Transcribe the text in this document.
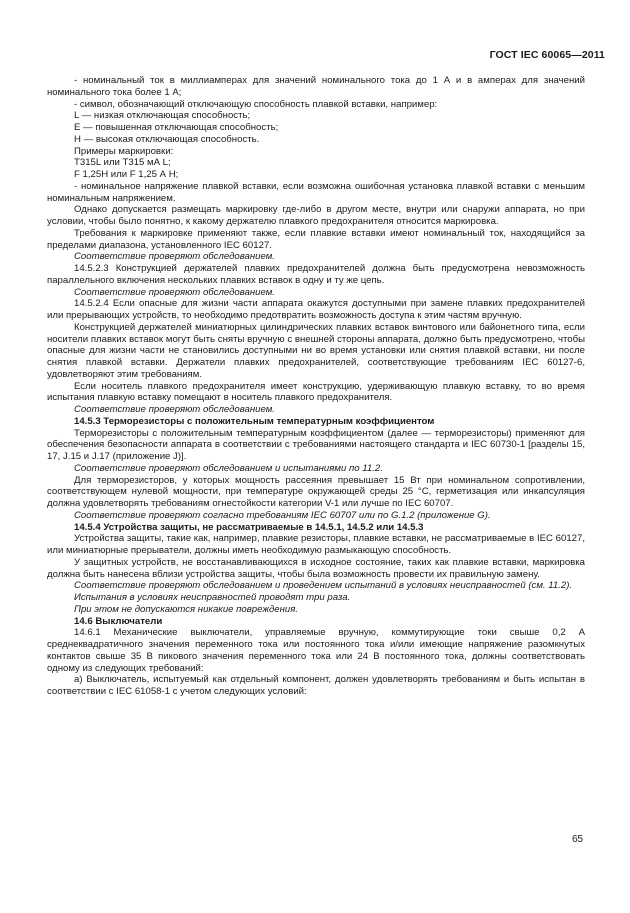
ГОСТ IEC 60065—2011

- номинальный ток в миллиамперах для значений номинального тока до 1 А и в амперах для значений номинального тока более 1 А;

- символ, обозначающий отключающую способность плавкой вставки, например:

L — низкая отключающая способность;

Е — повышенная отключающая способность;

Н — высокая отключающая способность.

Примеры маркировки:

T315L или T315 мА L;

F 1,25Н или F 1,25 А Н;

- номинальное напряжение плавкой вставки, если возможна ошибочная установка плавкой вставки с меньшим номинальным напряжением.

Однако допускается размещать маркировку где-либо в другом месте, внутри или снаружи аппарата, но при условии, чтобы было понятно, к какому держателю плавкого предохранителя относится маркировка.

Требования к маркировке применяют также, если плавкие вставки имеют номинальный ток, находящийся за пределами диапазона, установленного IEC 60127.

Соответствие проверяют обследованием.

14.5.2.3 Конструкцией держателей плавких предохранителей должна быть предусмотрена невозможность параллельного включения нескольких плавких вставок в одну и ту же цепь.

Соответствие проверяют обследованием.

14.5.2.4 Если опасные для жизни части аппарата окажутся доступными при замене плавких предохранителей или прерывающих устройств, то необходимо предотвратить возможность доступа к этим частям вручную.

Конструкцией держателей миниатюрных цилиндрических плавких вставок винтового или байонетного типа, если носители плавких вставок могут быть сняты вручную с внешней стороны аппарата, должно быть предусмотрено, чтобы опасные для жизни части не становились доступными ни во время установки или снятия плавкой вставки, ни после снятия плавкой вставки. Держатели плавких предохранителей, соответствующие требованиям IEC 60127-6, удовлетворяют этим требованиям.

Если носитель плавкого предохранителя имеет конструкцию, удерживающую плавкую вставку, то во время испытания плавкую вставку помещают в носитель плавкого предохранителя.

Соответствие проверяют обследованием.

14.5.3 Терморезисторы с положительным температурным коэффициентом

Терморезисторы с положительным температурным коэффициентом (далее — терморезисторы) применяют для обеспечения безопасности аппарата в соответствии с требованиями настоящего стандарта и IEC 60730-1 [разделы 15, 17, J.15 и J.17 (приложение J)].

Соответствие проверяют обследованием и испытаниями по 11.2.

Для терморезисторов, у которых мощность рассеяния превышает 15 Вт при номинальном сопротивлении, соответствующем нулевой мощности, при температуре окружающей среды 25 °С, герметизация или инкапсуляция должна удовлетворять требованиям огнестойкости категории V-1 или лучше по IEC 60707.

Соответствие проверяют согласно требованиям IEC 60707 или по G.1.2 (приложение G).

14.5.4 Устройства защиты, не рассматриваемые в 14.5.1, 14.5.2 или 14.5.3

Устройства защиты, такие как, например, плавкие резисторы, плавкие вставки, не рассматриваемые в IEC 60127, или миниатюрные прерыватели, должны иметь необходимую размыкающую способность.

У защитных устройств, не восстанавливающихся в исходное состояние, таких как плавкие вставки, маркировка должна быть нанесена вблизи устройства защиты, чтобы была возможность провести их правильную замену.

Соответствие проверяют обследованием и проведением испытаний в условиях неисправностей (см. 11.2).

Испытания в условиях неисправностей проводят три раза.

При этом не допускаются никакие повреждения.

14.6 Выключатели

14.6.1 Механические выключатели, управляемые вручную, коммутирующие токи свыше 0,2 А среднеквадратичного значения переменного тока или постоянного тока и/или имеющие напряжение разомкнутых контактов свыше 35 В пикового значения переменного тока или 24 В постоянного тока, должны соответствовать одному из следующих требований:

а) Выключатель, испытуемый как отдельный компонент, должен удовлетворять требованиям и быть испытан в соответствии с IEC 61058-1 с учетом следующих условий:

65
